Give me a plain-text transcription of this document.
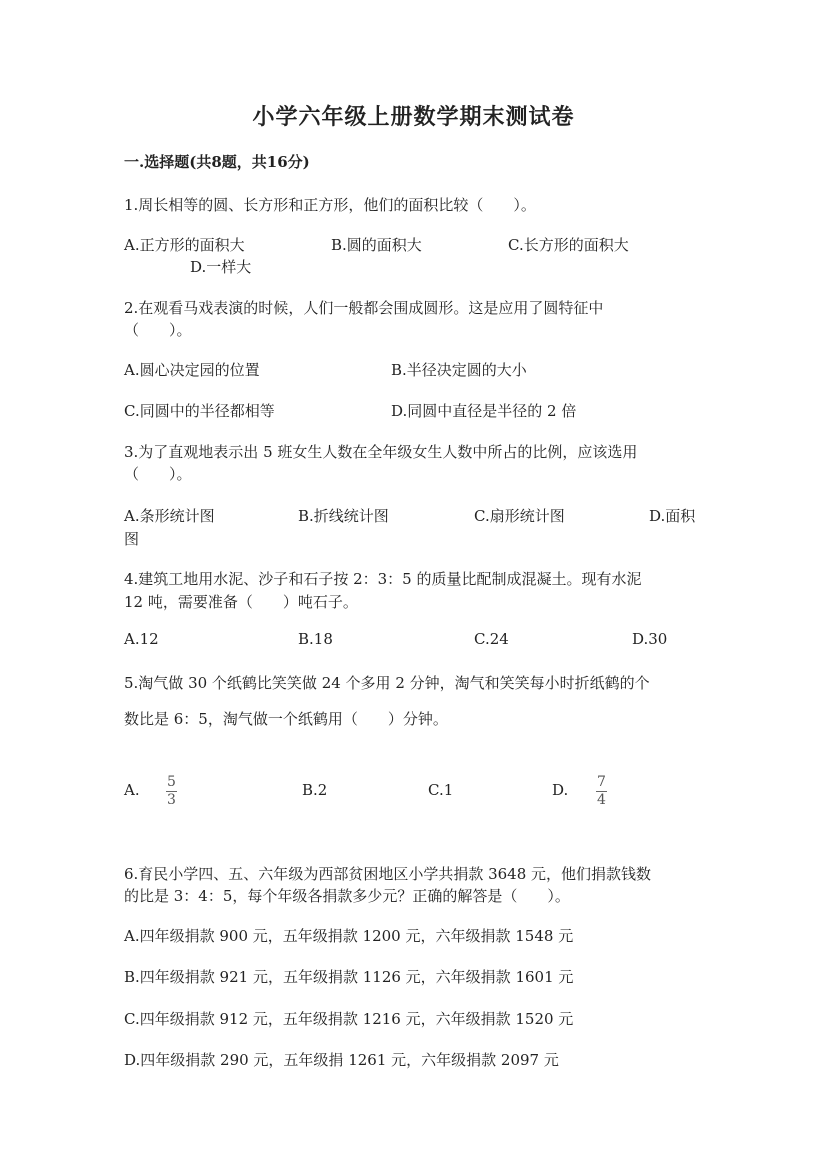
小学六年级上册数学期末测试卷
一.选择题(共8题，共16分)
1.周长相等的圆、长方形和正方形，他们的面积比较（　　）。
A.正方形的面积大	B.圆的面积大	C.长方形的面积大
D.一样大
2.在观看马戏表演的时候，人们一般都会围成圆形。这是应用了圆特征中
（　　）。
A.圆心决定园的位置	B.半径决定圆的大小
C.同圆中的半径都相等	D.同圆中直径是半径的 2 倍
3.为了直观地表示出 5 班女生人数在全年级女生人数中所占的比例，应该选用
（　　）。
A.条形统计图	B.折线统计图	C.扇形统计图	D.面积
图
4.建筑工地用水泥、沙子和石子按 2：3：5 的质量比配制成混凝土。现有水泥
12 吨，需要准备（　　）吨石子。
A.12	B.18	C.24	D.30
5.淘气做 30 个纸鹤比笑笑做 24 个多用 2 分钟，淘气和笑笑每小时折纸鹤的个
数比是 6：5，淘气做一个纸鹤用（　　）分钟。
A. 5
3
B.2	C.1	D. 7
4
6.育民小学四、五、六年级为西部贫困地区小学共捐款 3648 元，他们捐款钱数
的比是 3：4：5，每个年级各捐款多少元？正确的解答是（　　）。
A.四年级捐款 900 元，五年级捐款 1200 元，六年级捐款 1548 元
B.四年级捐款 921 元，五年级捐款 1126 元，六年级捐款 1601 元
C.四年级捐款 912 元，五年级捐款 1216 元，六年级捐款 1520 元
D.四年级捐款 290 元，五年级捐 1261 元，六年级捐款 2097 元
